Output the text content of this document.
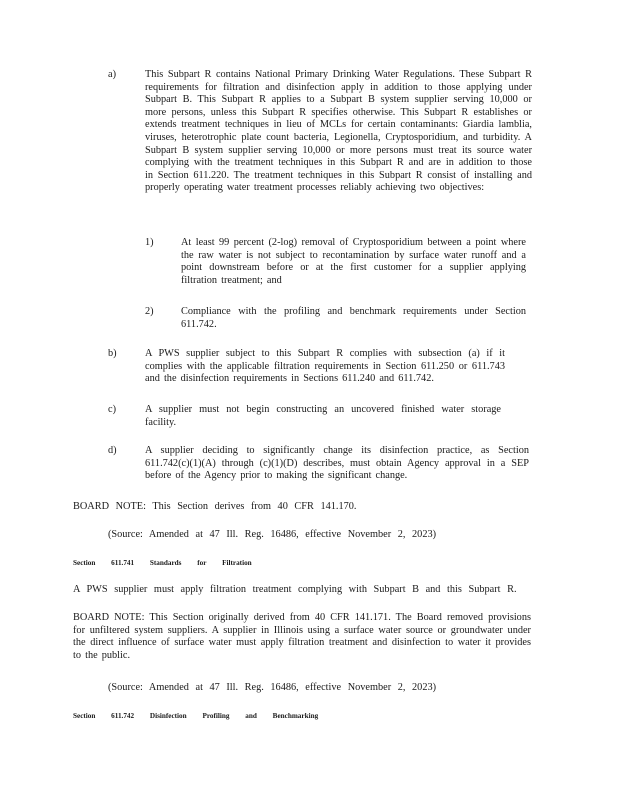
a)	This Subpart R contains National Primary Drinking Water Regulations. These Subpart R requirements for filtration and disinfection apply in addition to those applying under Subpart B. This Subpart R applies to a Subpart B system supplier serving 10,000 or more persons, unless this Subpart R specifies otherwise. This Subpart R establishes or extends treatment techniques in lieu of MCLs for certain contaminants: Giardia lamblia, viruses, heterotrophic plate count bacteria, Legionella, Cryptosporidium, and turbidity. A Subpart B system supplier serving 10,000 or more persons must treat its source water complying with the treatment techniques in this Subpart R and are in addition to those in Section 611.220. The treatment techniques in this Subpart R consist of installing and properly operating water treatment processes reliably achieving two objectives:

1)	At least 99 percent (2-log) removal of Cryptosporidium between a point where the raw water is not subject to recontamination by surface water runoff and a point downstream before or at the first customer for a supplier applying filtration treatment; and

2)	Compliance with the profiling and benchmark requirements under Section 611.742.

b)	A PWS supplier subject to this Subpart R complies with subsection (a) if it complies with the applicable filtration requirements in Section 611.250 or 611.743 and the disinfection requirements in Sections 611.240 and 611.742.

c)	A supplier must not begin constructing an uncovered finished water storage facility.

d)	A supplier deciding to significantly change its disinfection practice, as Section 611.742(c)(1)(A) through (c)(1)(D) describes, must obtain Agency approval in a SEP before of the Agency prior to making the significant change.

BOARD NOTE: This Section derives from 40 CFR 141.170.

(Source: Amended at 47 Ill. Reg. 16486, effective November 2, 2023)

Section 611.741 Standards for Filtration

A PWS supplier must apply filtration treatment complying with Subpart B and this Subpart R.

BOARD NOTE: This Section originally derived from 40 CFR 141.171. The Board removed provisions for unfiltered system suppliers. A supplier in Illinois using a surface water source or groundwater under the direct influence of surface water must apply filtration treatment and disinfection to water it provides to the public.

(Source: Amended at 47 Ill. Reg. 16486, effective November 2, 2023)

Section 611.742 Disinfection Profiling and Benchmarking
